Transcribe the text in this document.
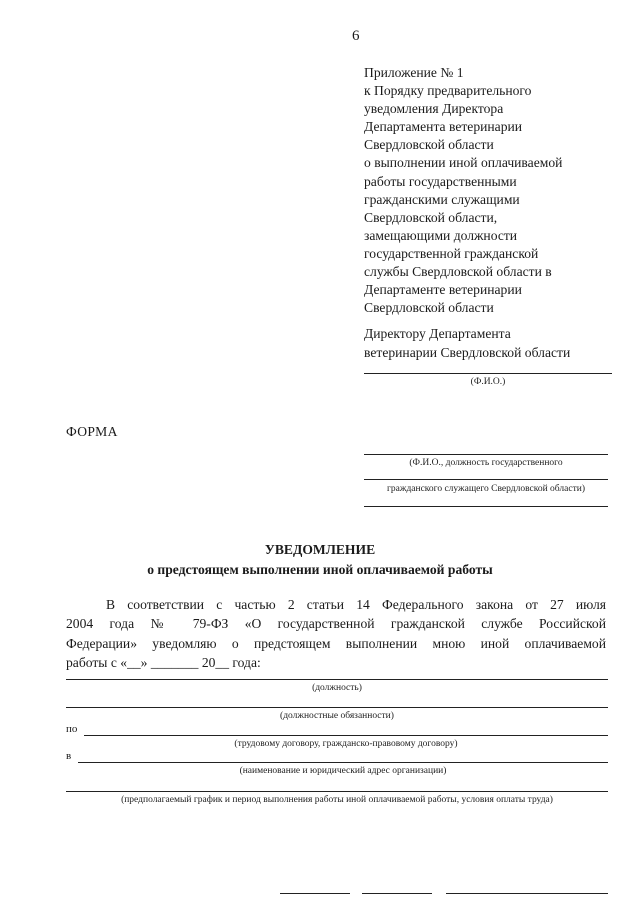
6
Приложение № 1
к Порядку предварительного
уведомления Директора
Департамента ветеринарии
Свердловской области
о выполнении иной оплачиваемой
работы государственными
гражданскими служащими
Свердловской области,
замещающими должности
государственной гражданской
службы Свердловской области в
Департаменте ветеринарии
Свердловской области
Директору Департамента
ветеринарии Свердловской области
(Ф.И.О.)
ФОРМА
(Ф.И.О., должность государственного
гражданского служащего Свердловской области)
УВЕДОМЛЕНИЕ
о предстоящем выполнении иной оплачиваемой работы
В соответствии с частью 2 статьи 14 Федерального закона от 27 июля
2004 года № 79-ФЗ «О государственной гражданской службе Российской
Федерации» уведомляю о предстоящем выполнении мною иной оплачиваемой
работы с «__» _______ 20__ года:
(должность)
(должностные обязанности)
по
(трудовому договору, гражданско-правовому договору)
в
(наименование и юридический адрес организации)
(предполагаемый график и период выполнения работы иной оплачиваемой работы, условия оплаты труда)
